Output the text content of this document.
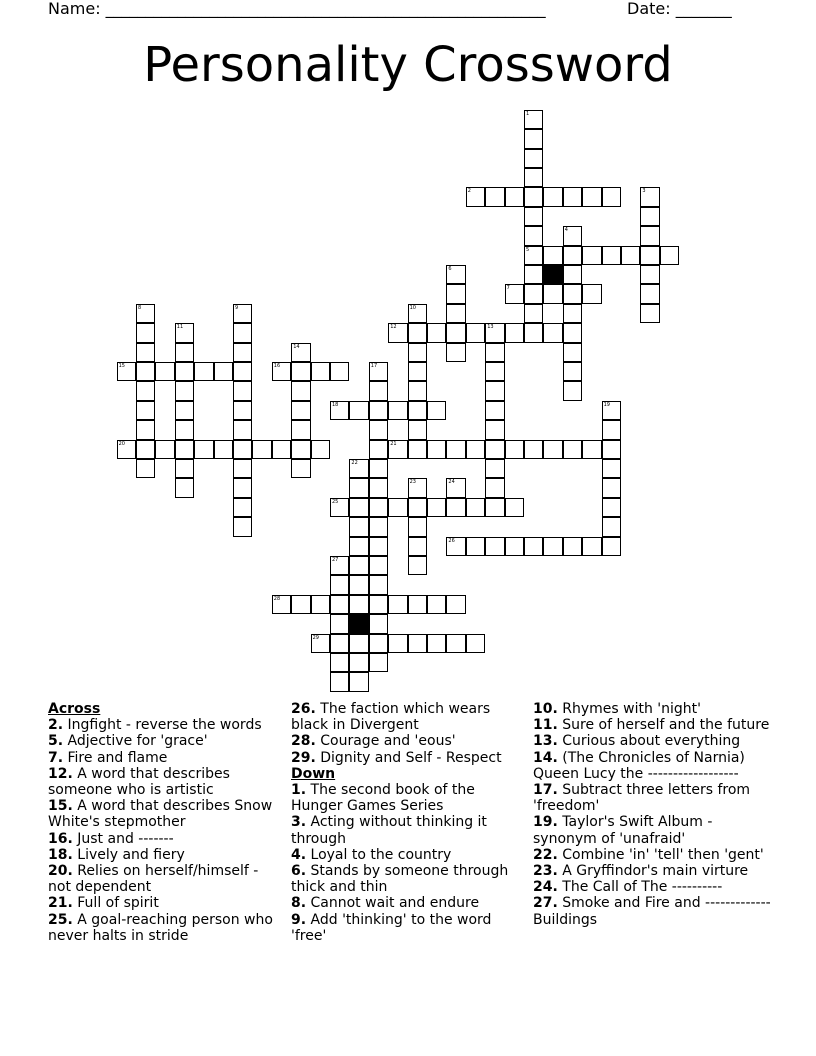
Name: _______________________________________________________	Date: _______
Personality Crossword
2
5
7
12	13
15	16
18
20	21
25
26
28
29
1
3
4
6
8	9	10
11
14
17
19
22
23	24
27
Across
2. Ingfight - reverse the words
5. Adjective for 'grace'
7. Fire and flame
12. A word that describes someone who is artistic
15. A word that describes Snow White's stepmother
16. Just and -------
18. Lively and fiery
20. Relies on herself/himself - not dependent
21. Full of spirit
25. A goal-reaching person who never halts in stride
26. The faction which wears black in Divergent
28. Courage and 'eous'
29. Dignity and Self - Respect
Down
1. The second book of the Hunger Games Series
3. Acting without thinking it through
4. Loyal to the country
6. Stands by someone through thick and thin
8. Cannot wait and endure
9. Add 'thinking' to the word 'free'
10. Rhymes with 'night'
11. Sure of herself and the future
13. Curious about everything
14. (The Chronicles of Narnia) Queen Lucy the ------------------
17. Subtract three letters from 'freedom'
19. Taylor's Swift Album - synonym of 'unafraid'
22. Combine 'in' 'tell' then 'gent'
23. A Gryffindor's main virture
24. The Call of The ----------
27. Smoke and Fire and ------------- Buildings
